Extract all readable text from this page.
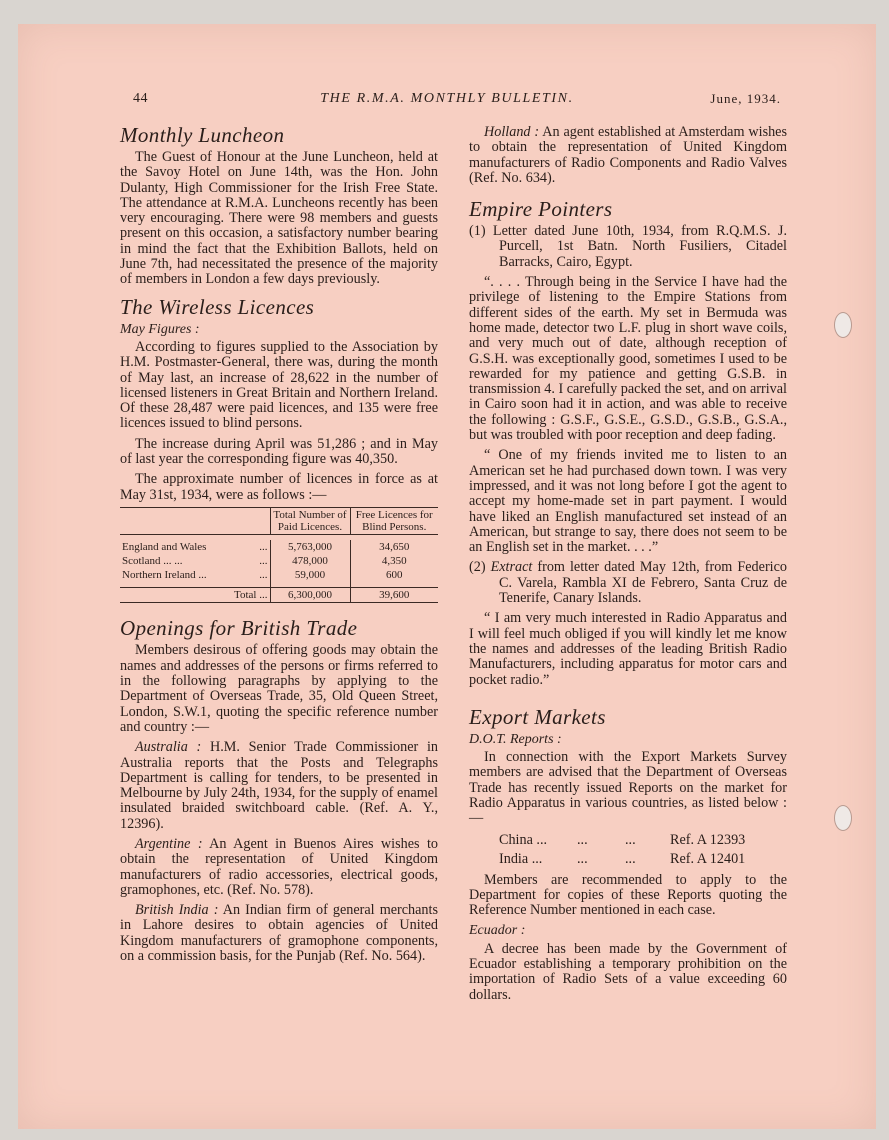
44	THE R.M.A. MONTHLY BULLETIN.	June, 1934.
Monthly Luncheon

The Guest of Honour at the June Luncheon, held at the Savoy Hotel on June 14th, was the Hon. John Dulanty, High Commissioner for the Irish Free State. The attendance at R.M.A. Luncheons recently has been very encouraging. There were 98 members and guests present on this occasion, a satisfactory number bearing in mind the fact that the Exhibition Ballots, held on June 7th, had necessitated the presence of the majority of members in London a few days previously.

The Wireless Licences
May Figures :

According to figures supplied to the Association by H.M. Postmaster-General, there was, during the month of May last, an increase of 28,622 in the number of licensed listeners in Great Britain and Northern Ireland. Of these 28,487 were paid licences, and 135 were free licences issued to blind persons.

The increase during April was 51,286 ; and in May of last year the corresponding figure was 40,350.

The approximate number of licences in force as at May 31st, 1934, were as follows :—

	Total Number of Paid Licences.	Free Licences for Blind Persons.

England and Wales ...	5,763,000	34,650
Scotland ... ... ...	478,000	4,350
Northern Ireland ... ...	59,000	600
Total ...	6,300,000	39,600
Openings for British Trade

Members desirous of offering goods may obtain the names and addresses of the persons or firms referred to in the following paragraphs by applying to the Department of Overseas Trade, 35, Old Queen Street, London, S.W.1, quoting the specific reference number and country :—

Australia : H.M. Senior Trade Commissioner in Australia reports that the Posts and Telegraphs Department is calling for tenders, to be presented in Melbourne by July 24th, 1934, for the supply of enamel insulated braided switchboard cable. (Ref. A. Y., 12396).

Argentine : An Agent in Buenos Aires wishes to obtain the representation of United Kingdom manufacturers of radio accessories, electrical goods, gramophones, etc. (Ref. No. 578).

British India : An Indian firm of general merchants in Lahore desires to obtain agencies of United Kingdom manufacturers of gramophone components, on a commission basis, for the Punjab (Ref. No. 564).

Holland : An agent established at Amsterdam wishes to obtain the representation of United Kingdom manufacturers of Radio Components and Radio Valves (Ref. No. 634).

Empire Pointers
(1) Letter dated June 10th, 1934, from R.Q.M.S. J. Purcell, 1st Batn. North Fusiliers, Citadel Barracks, Cairo, Egypt.

“. . . . Through being in the Service I have had the privilege of listening to the Empire Stations from different sides of the earth. My set in Bermuda was home made, detector two L.F. plug in short wave coils, and very much out of date, although reception of G.S.H. was exceptionally good, sometimes I used to be rewarded for my patience and getting G.S.B. in transmission 4. I carefully packed the set, and on arrival in Cairo soon had it in action, and was able to receive the following : G.S.F., G.S.E., G.S.D., G.S.B., G.S.A., but was troubled with poor reception and deep fading.

“ One of my friends invited me to listen to an American set he had purchased down town. I was very impressed, and it was not long before I got the agent to accept my home-made set in part payment. I would have liked an English manufactured set instead of an American, but strange to say, there does not seem to be an English set in the market. . . .”

(2) Extract from letter dated May 12th, from Federico C. Varela, Rambla XI de Febrero, Santa Cruz de Tenerife, Canary Islands.

“ I am very much interested in Radio Apparatus and I will feel much obliged if you will kindly let me know the names and addresses of the leading British Radio Manufacturers, including apparatus for motor cars and pocket radio.”

Export Markets
D.O.T. Reports :

In connection with the Export Markets Survey members are advised that the Department of Overseas Trade has recently issued Reports on the market for Radio Apparatus in various countries, as listed below :—

China ...	...	...	Ref. A 12393
India ...	...	...	Ref. A 12401

Members are recommended to apply to the Department for copies of these Reports quoting the Reference Number mentioned in each case.

Ecuador :

A decree has been made by the Government of Ecuador establishing a temporary prohibition on the importation of Radio Sets of a value exceeding 60 dollars.
